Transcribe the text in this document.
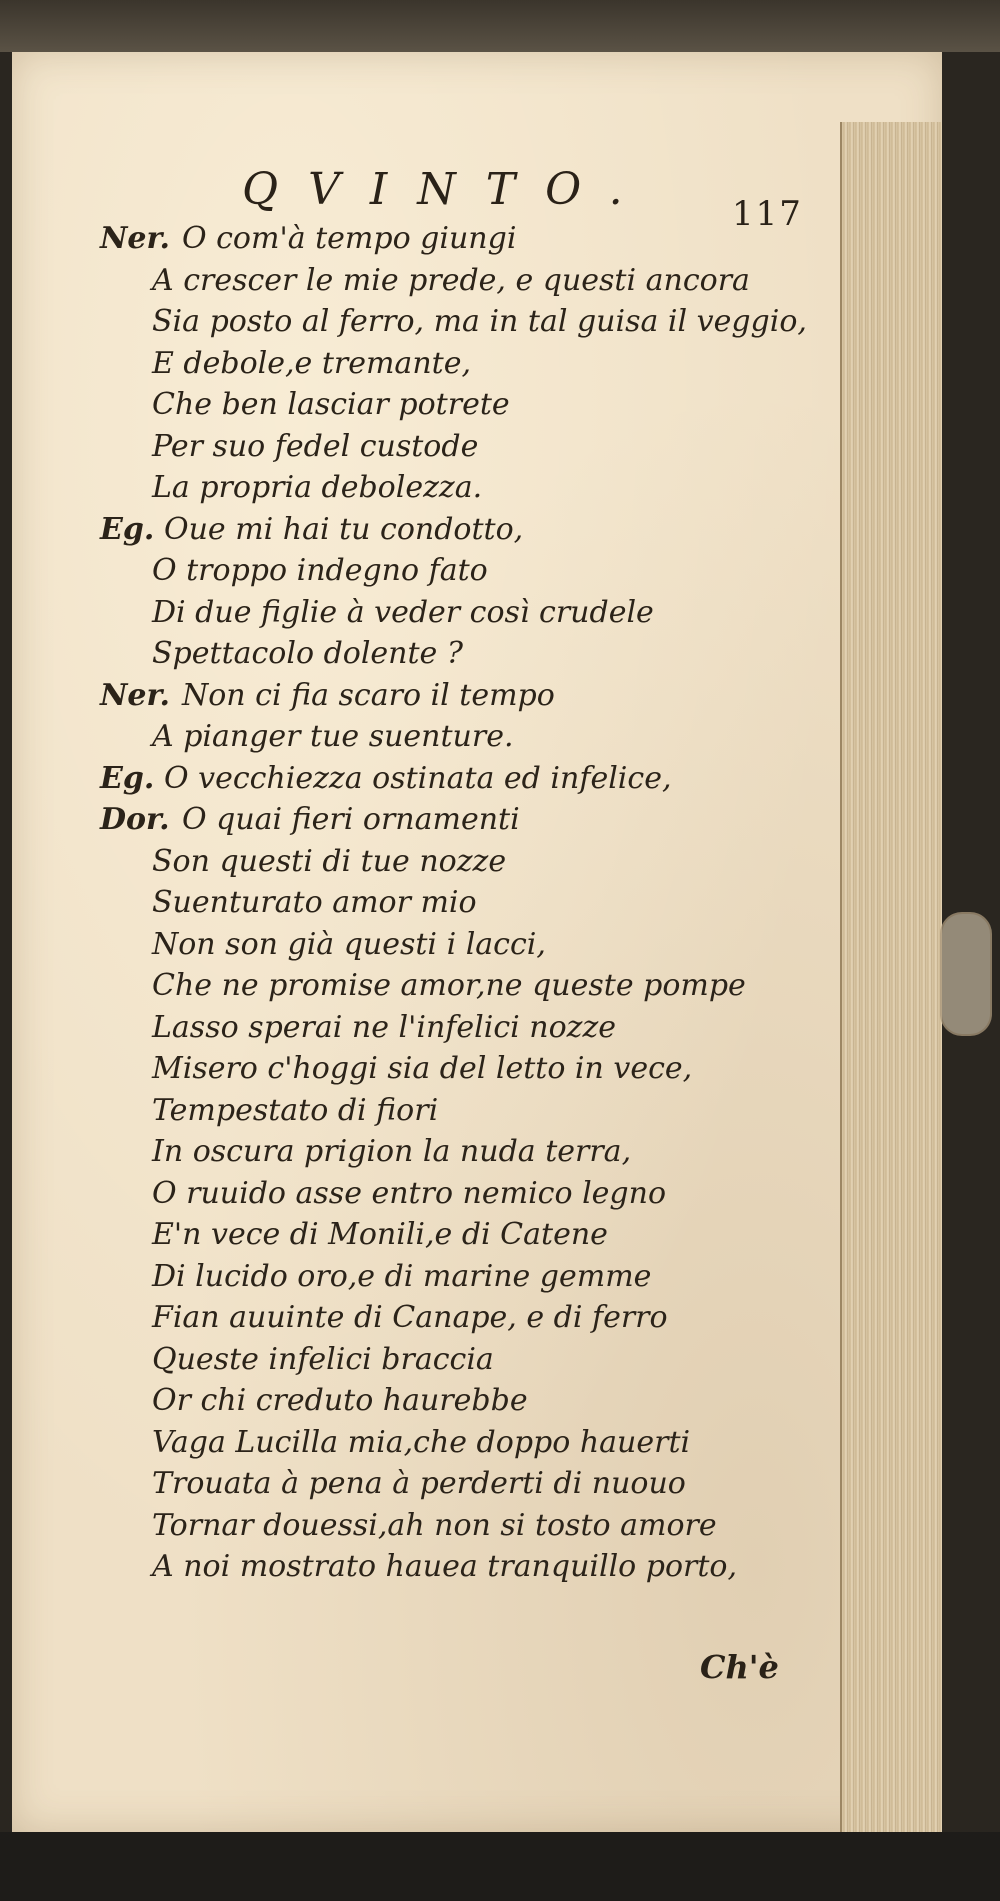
QVINTO.	117
Ner. O com'à tempo giungi
A crescer le mie prede, e questi ancora
Sia posto al ferro, ma in tal guisa il veggio,
E debole,e tremante,
Che ben lasciar potrete
Per suo fedel custode
La propria debolezza.
Eg. Oue mi hai tu condotto,
O troppo indegno fato
Di due figlie à veder così crudele
Spettacolo dolente ?
Ner. Non ci fia scaro il tempo
A pianger tue suenture.
Eg. O vecchiezza ostinata ed infelice,
Dor. O quai fieri ornamenti
Son questi di tue nozze
Suenturato amor mio
Non son già questi i lacci,
Che ne promise amor,ne queste pompe
Lasso sperai ne l'infelici nozze
Misero c'hoggi sia del letto in vece,
Tempestato di fiori
In oscura prigion la nuda terra,
O ruuido asse entro nemico legno
E'n vece di Monili,e di Catene
Di lucido oro,e di marine gemme
Fian auuinte di Canape, e di ferro
Queste infelici braccia
Or chi creduto haurebbe
Vaga Lucilla mia,che doppo hauerti
Trouata à pena à perderti di nuouo
Tornar douessi,ah non si tosto amore
A noi mostrato hauea tranquillo porto,
Ch'è
